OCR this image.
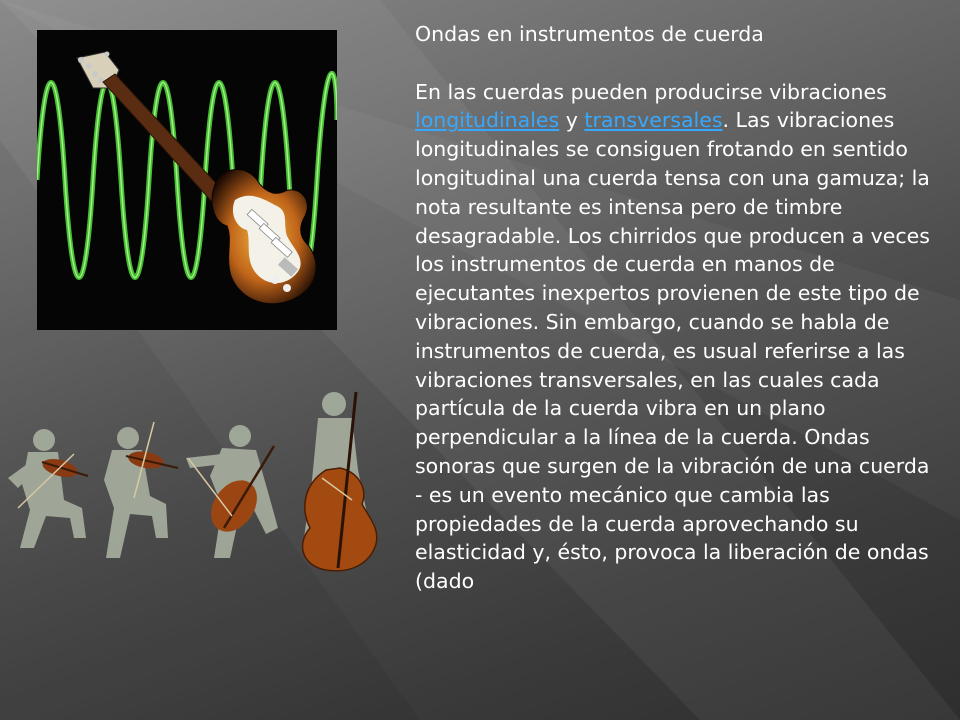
Ondas en instrumentos de cuerda

En las cuerdas pueden producirse vibraciones longitudinales y transversales. Las vibraciones longitudinales se consiguen frotando en sentido longitudinal una cuerda tensa con una gamuza; la nota resultante es intensa pero de timbre desagradable. Los chirridos que producen a veces los instrumentos de cuerda en manos de ejecutantes inexpertos provienen de este tipo de vibraciones. Sin embargo, cuando se habla de instrumentos de cuerda, es usual referirse a las vibraciones transversales, en las cuales cada partícula de la cuerda vibra en un plano perpendicular a la línea de la cuerda. Ondas sonoras que surgen de la vibración de una cuerda - es un evento mecánico que cambia las propiedades de la cuerda aprovechando su elasticidad y, ésto, provoca la liberación de ondas (dado
